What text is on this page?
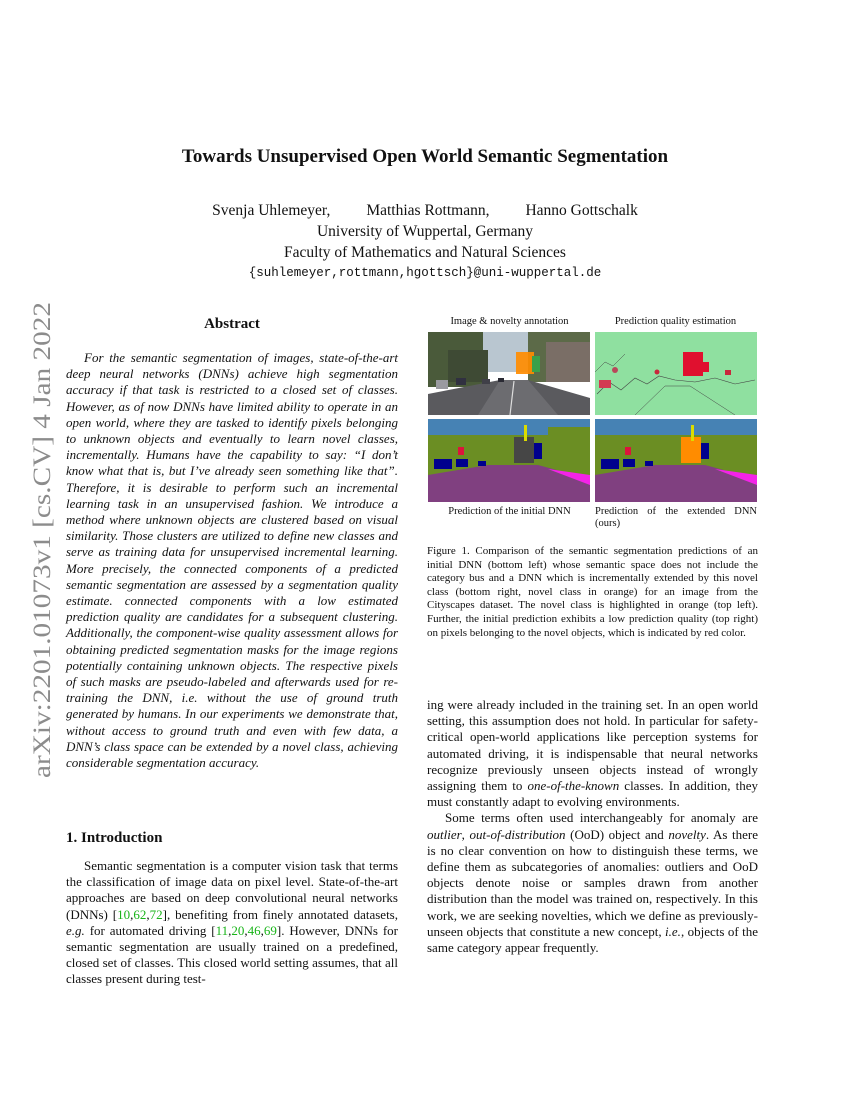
arXiv:2201.01073v1 [cs.CV] 4 Jan 2022
Towards Unsupervised Open World Semantic Segmentation
Svenja Uhlemeyer, Matthias Rottmann, Hanno Gottschalk
University of Wuppertal, Germany
Faculty of Mathematics and Natural Sciences
{suhlemeyer,rottmann,hgottsch}@uni-wuppertal.de
Abstract
For the semantic segmentation of images, state-of-the-art deep neural networks (DNNs) achieve high segmentation accuracy if that task is restricted to a closed set of classes. However, as of now DNNs have limited ability to operate in an open world, where they are tasked to identify pixels belonging to unknown objects and eventually to learn novel classes, incrementally. Humans have the capability to say: “I don’t know what that is, but I’ve already seen something like that”. Therefore, it is desirable to perform such an incremental learning task in an unsupervised fashion. We introduce a method where unknown objects are clustered based on visual similarity. Those clusters are utilized to define new classes and serve as training data for unsupervised incremental learning. More precisely, the connected components of a predicted semantic segmentation are assessed by a segmentation quality estimate. connected components with a low estimated prediction quality are candidates for a subsequent clustering. Additionally, the component-wise quality assessment allows for obtaining predicted segmentation masks for the image regions potentially containing unknown objects. The respective pixels of such masks are pseudo-labeled and afterwards used for re-training the DNN, i.e. without the use of ground truth generated by humans. In our experiments we demonstrate that, without access to ground truth and even with few data, a DNN’s class space can be extended by a novel class, achieving considerable segmentation accuracy.
1. Introduction
Semantic segmentation is a computer vision task that terms the classification of image data on pixel level. State-of-the-art approaches are based on deep convolutional neural networks (DNNs) [10,62,72], benefiting from finely annotated datasets, e.g. for automated driving [11,20,46,69]. However, DNNs for semantic segmentation are usually trained on a predefined, closed set of classes. This closed world setting assumes, that all classes present during test-
Image & novelty annotation	Prediction quality estimation
Prediction of the initial DNN	Prediction of the extended DNN (ours)
Figure 1. Comparison of the semantic segmentation predictions of an initial DNN (bottom left) whose semantic space does not include the category bus and a DNN which is incrementally extended by this novel class (bottom right, novel class in orange) for an image from the Cityscapes dataset. The novel class is highlighted in orange (top left). Further, the initial prediction exhibits a low prediction quality (top right) on pixels belonging to the novel objects, which is indicated by red color.

ing were already included in the training set. In an open world setting, this assumption does not hold. In particular for safety-critical open-world applications like perception systems for automated driving, it is indispensable that neural networks recognize previously unseen objects instead of wrongly assigning them to one-of-the-known classes. In addition, they must constantly adapt to evolving environments.

Some terms often used interchangeably for anomaly are outlier, out-of-distribution (OoD) object and novelty. As there is no clear convention on how to distinguish these terms, we define them as subcategories of anomalies: outliers and OoD objects denote noise or samples drawn from another distribution than the model was trained on, respectively. In this work, we are seeking novelties, which we define as previously-unseen objects that constitute a new concept, i.e., objects of the same category appear frequently.
